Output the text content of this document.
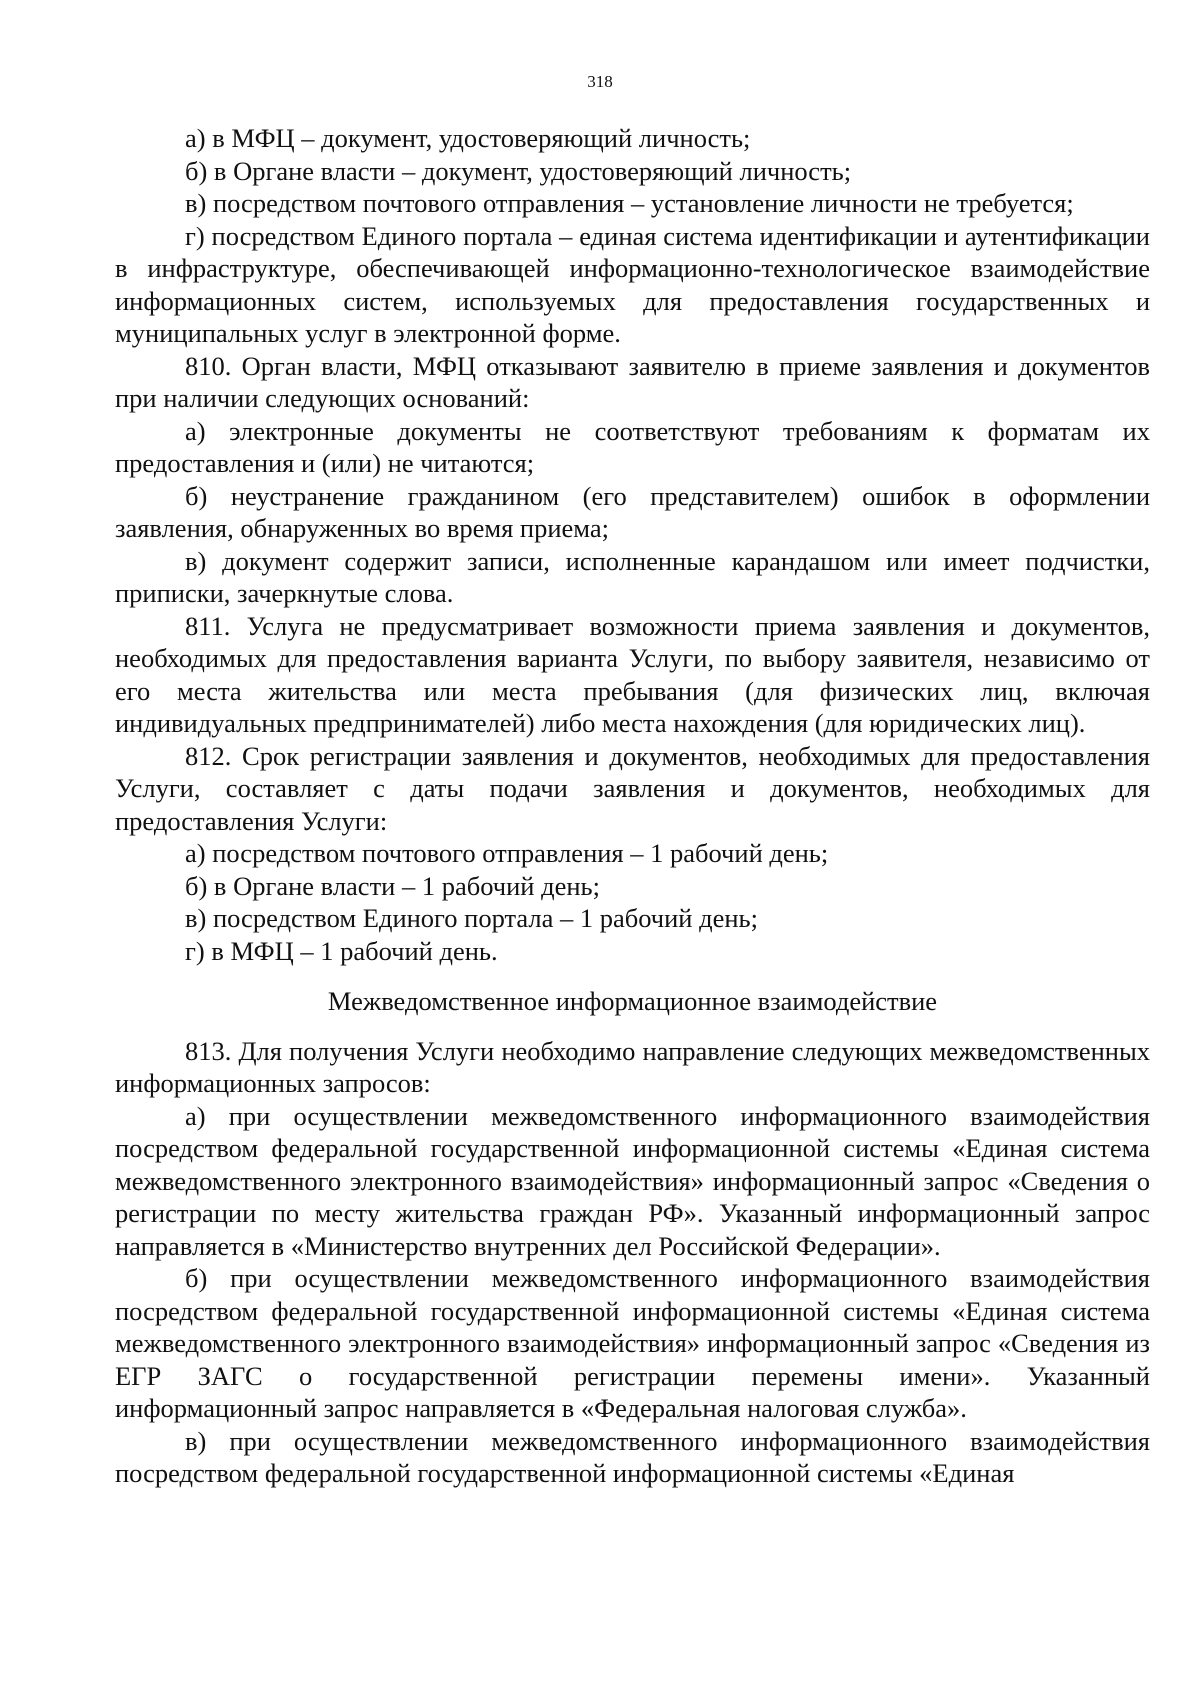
318

а) в МФЦ – документ, удостоверяющий личность;

б) в Органе власти – документ, удостоверяющий личность;

в) посредством почтового отправления – установление личности не требуется;

г) посредством Единого портала – единая система идентификации и аутентификации в инфраструктуре, обеспечивающей информационно-технологическое взаимодействие информационных систем, используемых для предоставления государственных и муниципальных услуг в электронной форме.

810. Орган власти, МФЦ отказывают заявителю в приеме заявления и документов при наличии следующих оснований:

а) электронные документы не соответствуют требованиям к форматам их предоставления и (или) не читаются;

б) неустранение гражданином (его представителем) ошибок в оформлении заявления, обнаруженных во время приема;

в) документ содержит записи, исполненные карандашом или имеет подчистки, приписки, зачеркнутые слова.

811. Услуга не предусматривает возможности приема заявления и документов, необходимых для предоставления варианта Услуги, по выбору заявителя, независимо от его места жительства или места пребывания (для физических лиц, включая индивидуальных предпринимателей) либо места нахождения (для юридических лиц).

812. Срок регистрации заявления и документов, необходимых для предоставления Услуги, составляет с даты подачи заявления и документов, необходимых для предоставления Услуги:

а) посредством почтового отправления – 1 рабочий день;

б) в Органе власти – 1 рабочий день;

в) посредством Единого портала – 1 рабочий день;

г) в МФЦ – 1 рабочий день.

Межведомственное информационное взаимодействие

813. Для получения Услуги необходимо направление следующих межведомственных информационных запросов:

а) при осуществлении межведомственного информационного взаимодействия посредством федеральной государственной информационной системы «Единая система межведомственного электронного взаимодействия» информационный запрос «Сведения о регистрации по месту жительства граждан РФ». Указанный информационный запрос направляется в «Министерство внутренних дел Российской Федерации».

б) при осуществлении межведомственного информационного взаимодействия посредством федеральной государственной информационной системы «Единая система межведомственного электронного взаимодействия» информационный запрос «Сведения из ЕГР ЗАГС о государственной регистрации перемены имени». Указанный информационный запрос направляется в «Федеральная налоговая служба».

в) при осуществлении межведомственного информационного взаимодействия посредством федеральной государственной информационной системы «Единая
